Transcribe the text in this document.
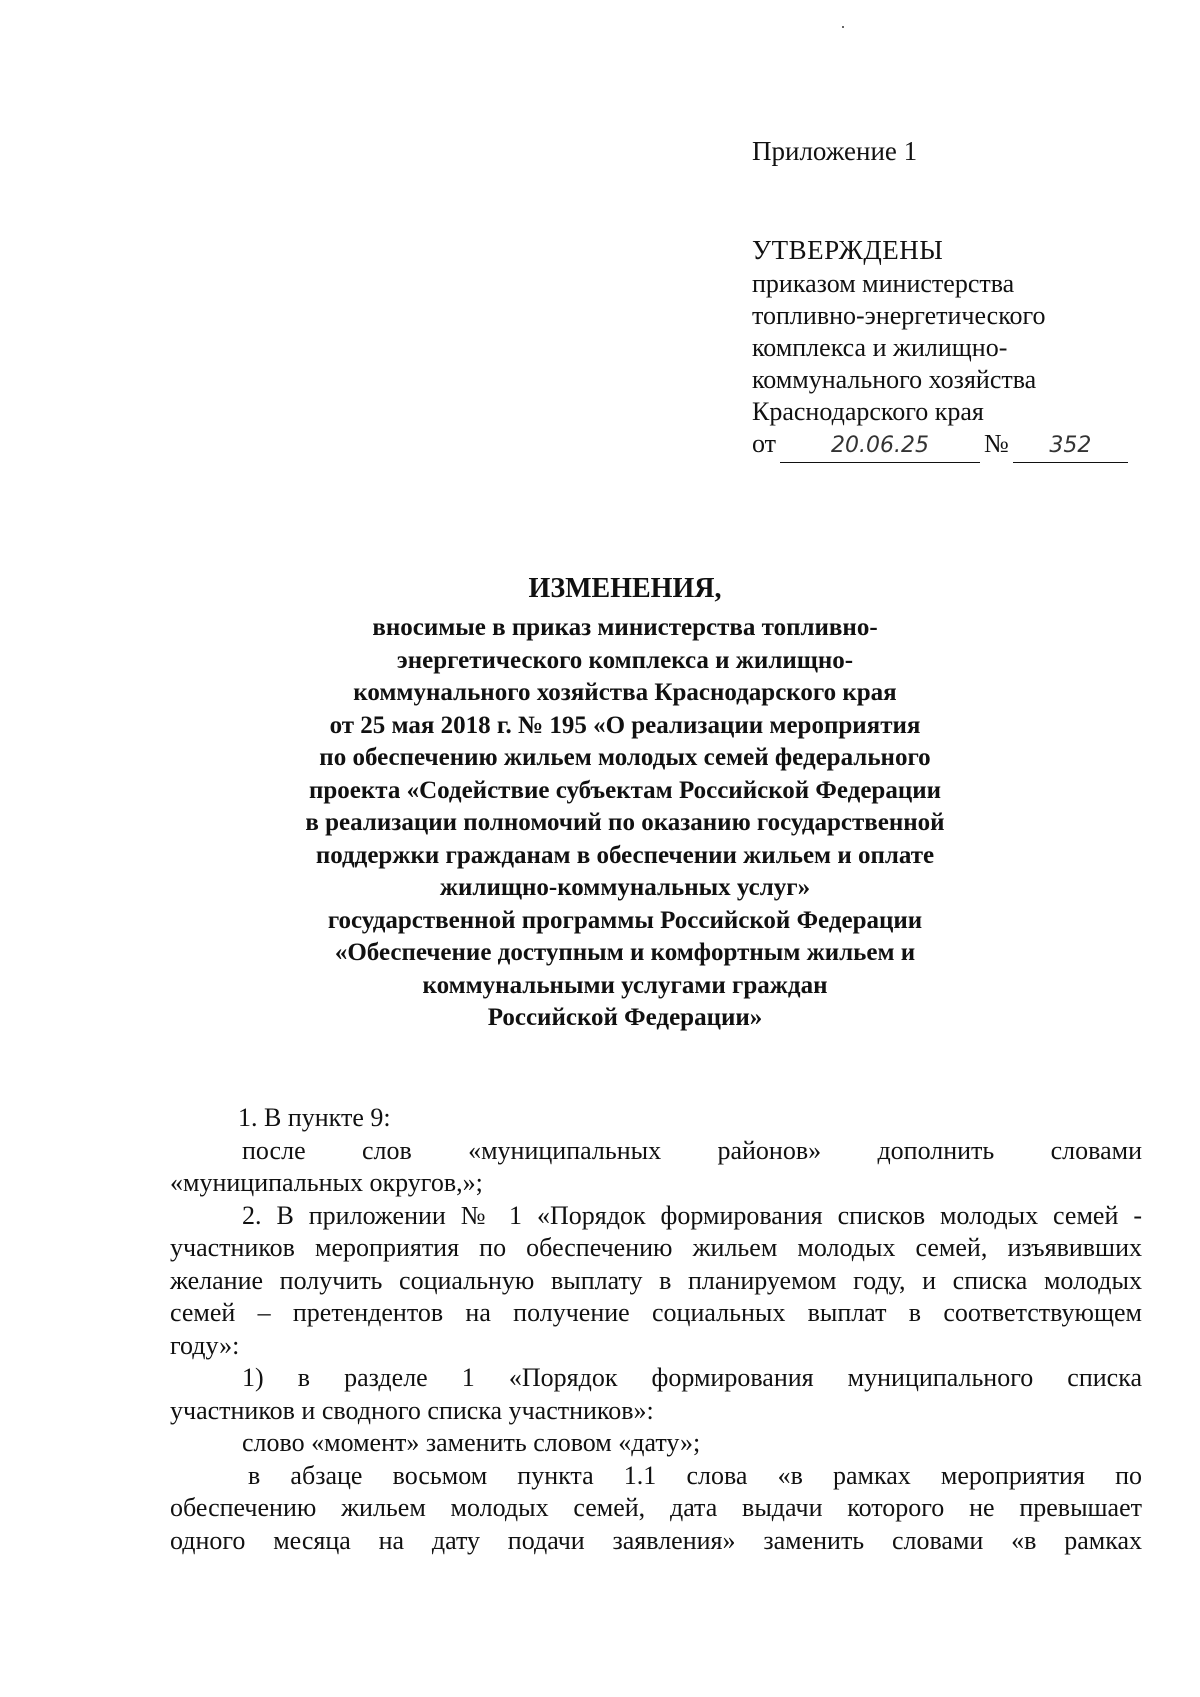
Приложение 1
УТВЕРЖДЕНЫ
приказом министерства
топливно-энергетического
комплекса и жилищно-
коммунального хозяйства
Краснодарского края
от	20.06.25	№	352
ИЗМЕНЕНИЯ,
вносимые в приказ министерства топливно-
энергетического комплекса и жилищно-
коммунального хозяйства Краснодарского края
от 25 мая 2018 г. № 195 «О реализации мероприятия
по обеспечению жильем молодых семей федерального
проекта «Содействие субъектам Российской Федерации
в реализации полномочий по оказанию государственной
поддержки гражданам в обеспечении жильем и оплате
жилищно-коммунальных услуг»
государственной программы Российской Федерации
«Обеспечение доступным и комфортным жильем и
коммунальными услугами граждан
Российской Федерации»

1. В пункте 9:

после слов «муниципальных районов» дополнить словами

«муниципальных округов,»;

2. В приложении № 1 «Порядок формирования списков молодых семей -

участников мероприятия по обеспечению жильем молодых семей, изъявивших

желание получить социальную выплату в планируемом году, и списка молодых

семей – претендентов на получение социальных выплат в соответствующем

году»:

1) в разделе 1 «Порядок формирования муниципального списка

участников и сводного списка участников»:

слово «момент» заменить словом «дату»;

в абзаце восьмом пункта 1.1 слова «в рамках мероприятия по

обеспечению жильем молодых семей, дата выдачи которого не превышает

одного месяца на дату подачи заявления» заменить словами «в рамках
